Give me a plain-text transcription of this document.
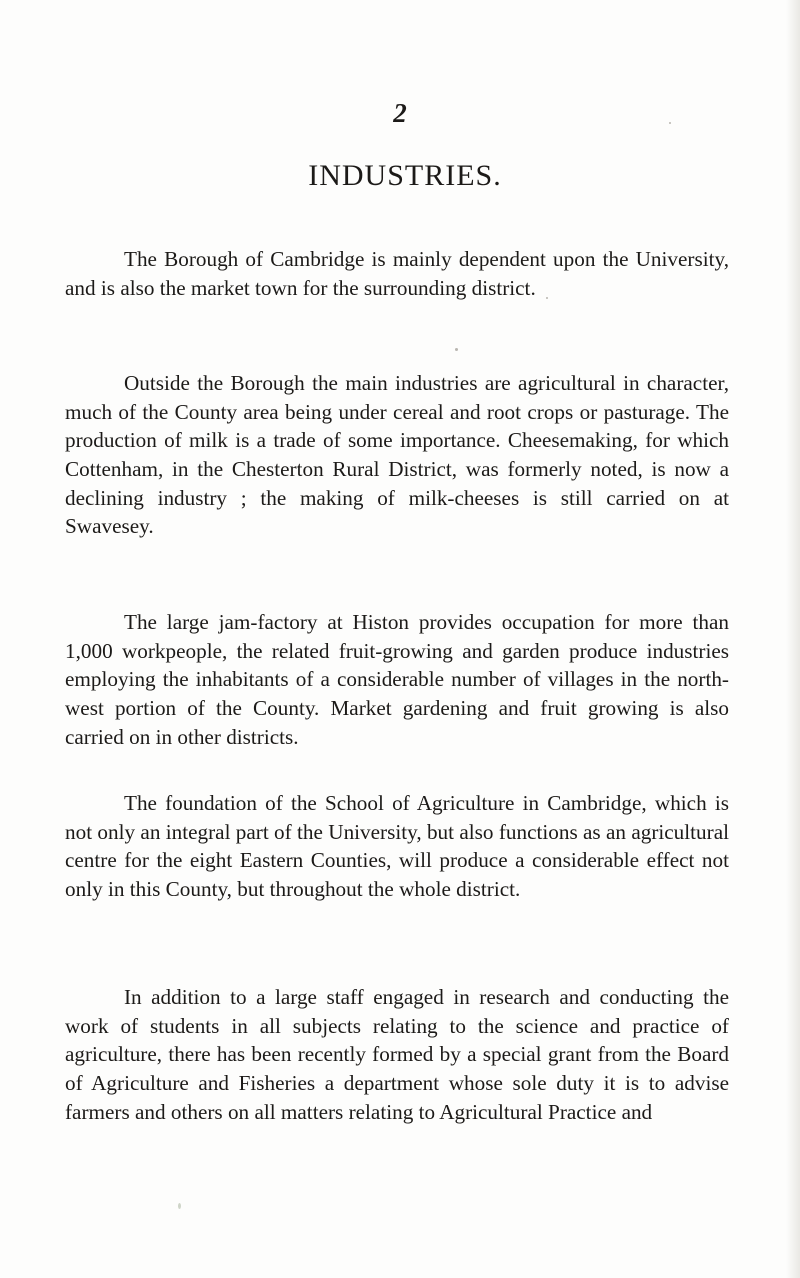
2
INDUSTRIES.

The Borough of Cambridge is mainly dependent upon the University, and is also the market town for the surrounding district.

Outside the Borough the main industries are agricultural in character, much of the County area being under cereal and root crops or pasturage. The production of milk is a trade of some importance. Cheesemaking, for which Cottenham, in the Chesterton Rural District, was formerly noted, is now a declining industry ; the making of milk-cheeses is still carried on at Swavesey.

The large jam-factory at Histon provides occupation for more than 1,000 workpeople, the related fruit-growing and garden produce industries employing the inhabitants of a considerable number of villages in the north-west portion of the County. Market gardening and fruit growing is also carried on in other districts.

The foundation of the School of Agriculture in Cambridge, which is not only an integral part of the University, but also functions as an agricultural centre for the eight Eastern Counties, will produce a considerable effect not only in this County, but throughout the whole district.

In addition to a large staff engaged in research and conducting the work of students in all subjects relating to the science and practice of agriculture, there has been recently formed by a special grant from the Board of Agriculture and Fisheries a department whose sole duty it is to advise farmers and others on all matters relating to Agricultural Practice and
